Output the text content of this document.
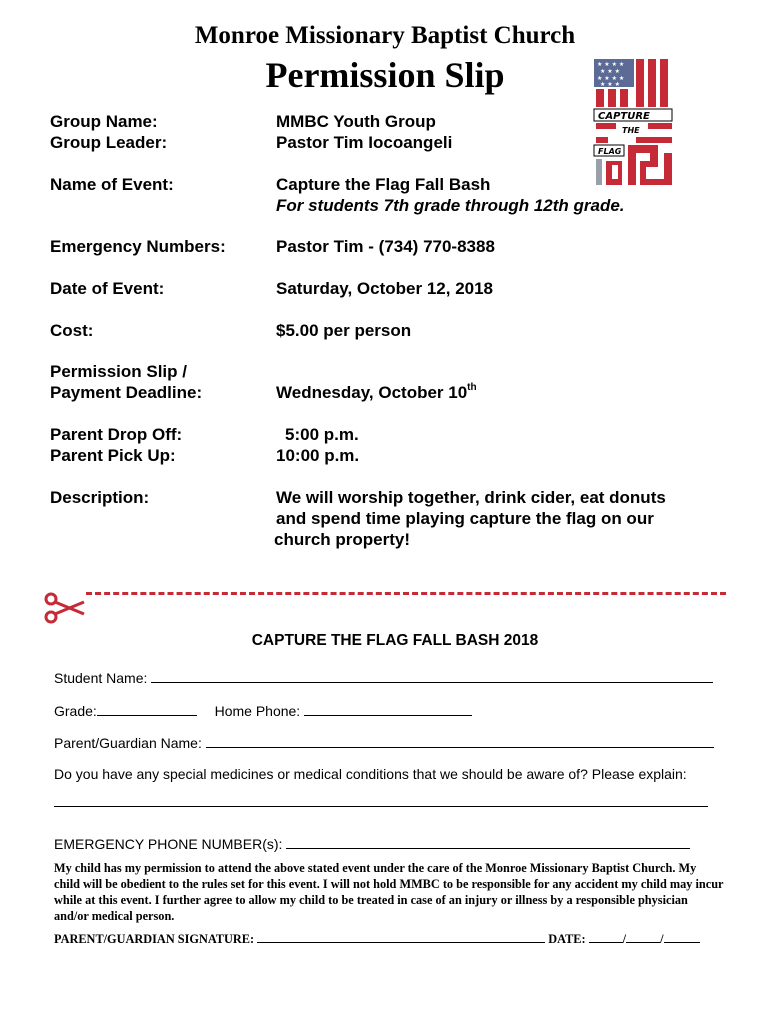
Monroe Missionary Baptist Church
Permission Slip	★ ★ ★ ★
★ ★ ★
★ ★ ★ ★
★ ★ ★
CAPTURE
THE
FLAG
Group Name:	MMBC Youth Group
Group Leader:	Pastor Tim Iocoangeli
Name of Event:	Capture the Flag Fall Bash
For students 7th grade through 12th grade.
Emergency Numbers:	Pastor Tim - (734) 770-8388
Date of Event:	Saturday, October 12, 2018
Cost:	$5.00 per person
Permission Slip /
Payment Deadline:	Wednesday, October 10th
Parent Drop Off:	5:00 p.m.
Parent Pick Up:	10:00 p.m.
Description:	We will worship together, drink cider, eat donuts
and spend time playing capture the flag on our
church property!
CAPTURE THE FLAG FALL BASH 2018
Student Name:
Grade:	Home Phone:
Parent/Guardian Name:
Do you have any special medicines or medical conditions that we should be aware of? Please explain:
EMERGENCY PHONE NUMBER(s):
My child has my permission to attend the above stated event under the care of the Monroe Missionary Baptist Church. My child will be obedient to the rules set for this event. I will not hold MMBC to be responsible for any accident my child may incur while at this event. I further agree to allow my child to be treated in case of an injury or illness by a responsible physician and/or medical person.
PARENT/GUARDIAN SIGNATURE:	DATE:	/	/
